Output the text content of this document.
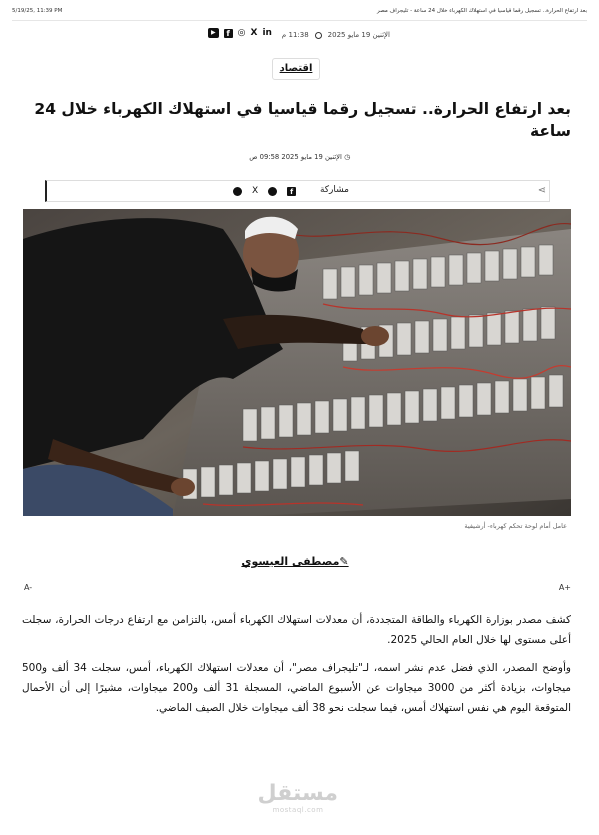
5/19/25, 11:39 PM	بعد ارتفاع الحرارة.. تسجيل رقما قياسيا في استهلاك الكهرباء خلال 24 ساعة - تليجراف مصر
▶	f ◎ X in	الإثنين 19 مايو 2025
11:38 م
اقتصاد
بعد ارتفاع الحرارة.. تسجيل رقما قياسيا في استهلاك الكهرباء خلال 24 ساعة
◷ الإثنين 19 مايو 2025 09:58 ص
⋖
مشاركة
X	f
عامل أمام لوحة تحكم كهرباء- أرشيفية
✎مصطفى العيسوي
A-	A+

كشف مصدر بوزارة الكهرباء والطاقة المتجددة، أن معدلات استهلاك الكهرباء أمس، بالتزامن مع ارتفاع درجات الحرارة، سجلت أعلى مستوى لها خلال العام الحالي 2025.

وأوضح المصدر، الذي فضل عدم نشر اسمه، لـ"تليجراف مصر"، أن معدلات استهلاك الكهرباء، أمس، سجلت 34 ألف و500 ميجاوات، بزيادة أكثر من 3000 ميجاوات عن الأسبوع الماضي، المسجلة 31 ألف و200 ميجاوات، مشيرًا إلى أن الأحمال المتوقعة اليوم هي نفس استهلاك أمس، فيما سجلت نحو 38 ألف ميجاوات خلال الصيف الماضي.

مستقل
mostaql.com
